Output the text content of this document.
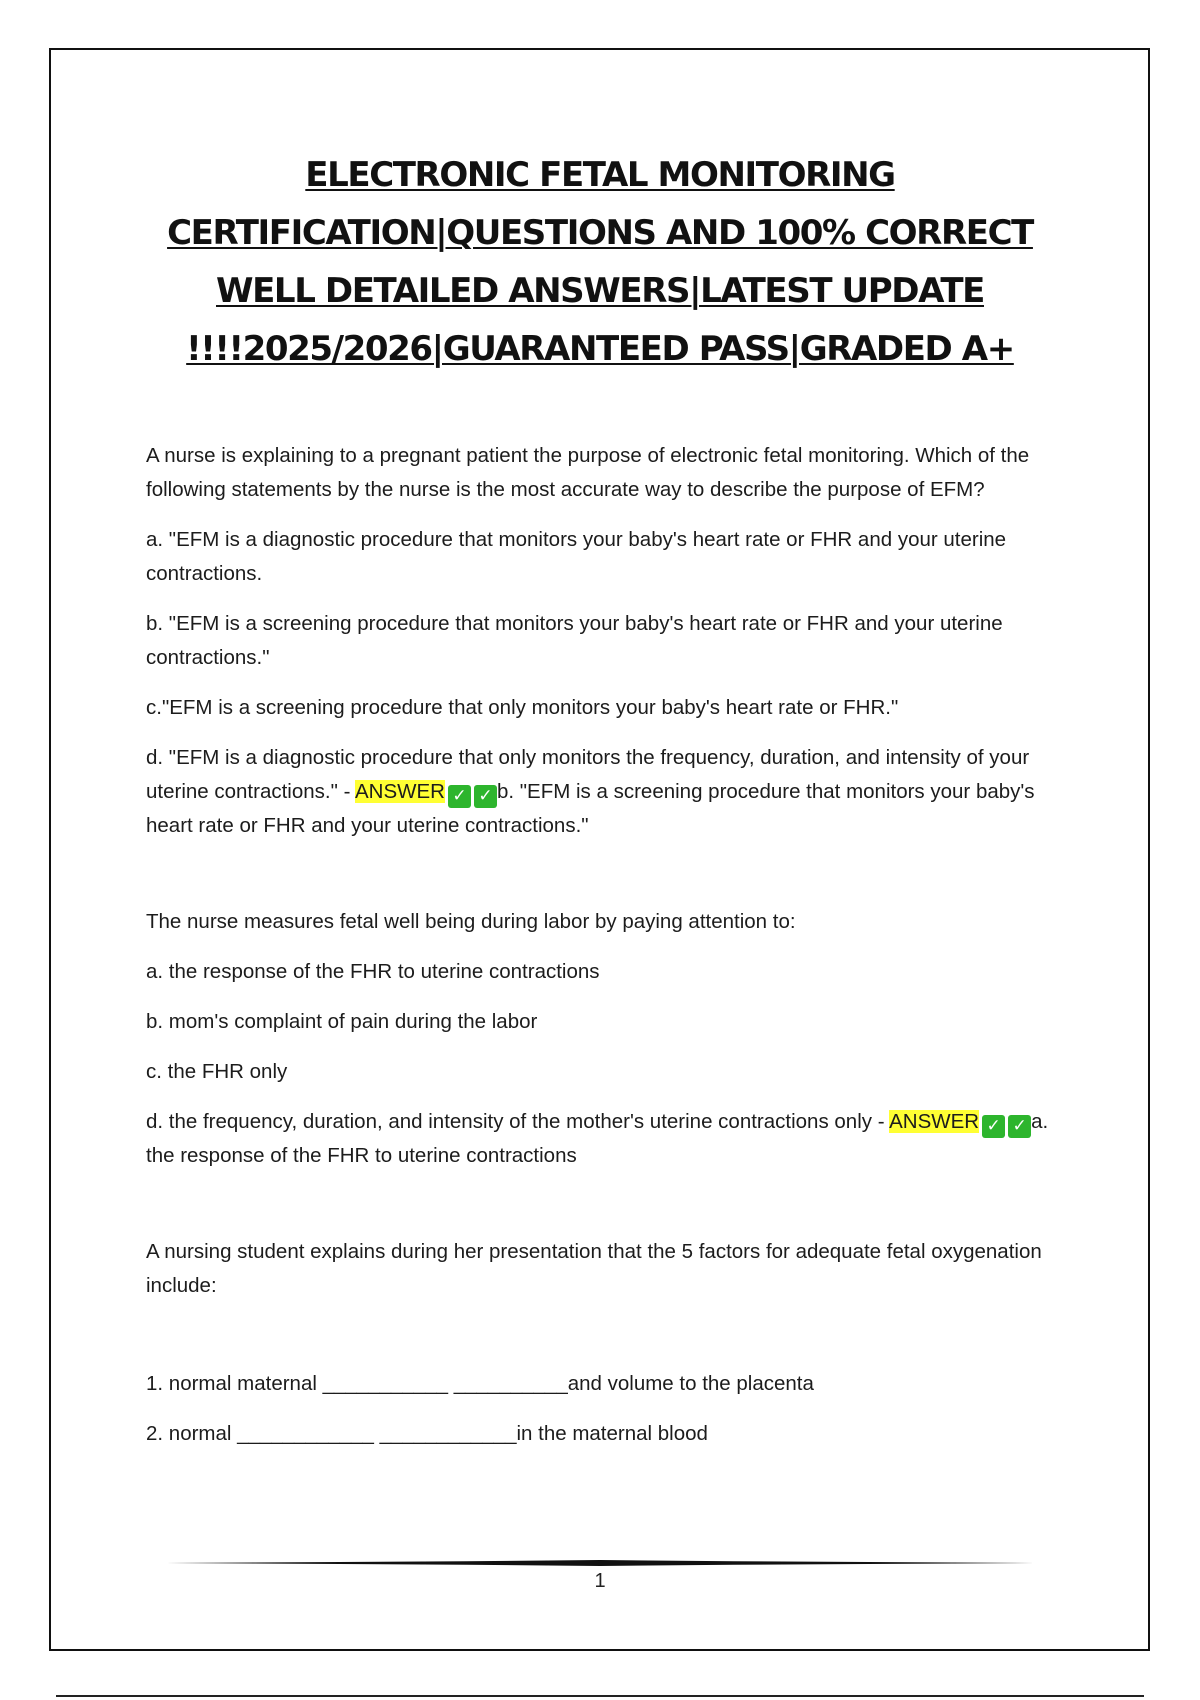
ELECTRONIC FETAL MONITORING
CERTIFICATION|QUESTIONS AND 100% CORRECT
WELL DETAILED ANSWERS|LATEST UPDATE
!!!!2025/2026|GUARANTEED PASS|GRADED A+

A nurse is explaining to a pregnant patient the purpose of electronic fetal monitoring. Which of the following statements by the nurse is the most accurate way to describe the purpose of EFM?

a. "EFM is a diagnostic procedure that monitors your baby's heart rate or FHR and your uterine contractions.

b. "EFM is a screening procedure that monitors your baby's heart rate or FHR and your uterine contractions."

c."EFM is a screening procedure that only monitors your baby's heart rate or FHR."

d. "EFM is a diagnostic procedure that only monitors the frequency, duration, and intensity of your uterine contractions." - ANSWER ✓ ✓ b. "EFM is a screening procedure that monitors your baby's heart rate or FHR and your uterine contractions."

The nurse measures fetal well being during labor by paying attention to:

a. the response of the FHR to uterine contractions

b. mom's complaint of pain during the labor

c. the FHR only

d. the frequency, duration, and intensity of the mother's uterine contractions only - ANSWER ✓ ✓ a. the response of the FHR to uterine contractions

A nursing student explains during her presentation that the 5 factors for adequate fetal oxygenation include:

1. normal maternal ___________ __________and volume to the placenta

2. normal ____________ ____________in the maternal blood

1
